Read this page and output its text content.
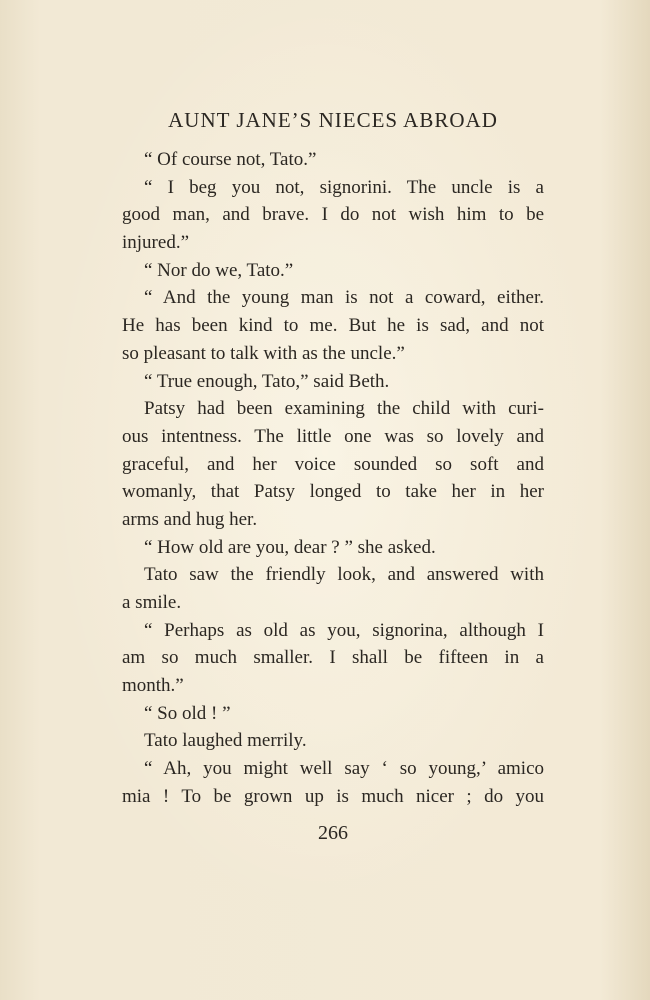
AUNT JANE’S NIECES ABROAD
“ Of course not, Tato.”
“ I beg you not, signorini. The uncle is a
good man, and brave. I do not wish him to be
injured.”
“ Nor do we, Tato.”
“ And the young man is not a coward, either.
He has been kind to me. But he is sad, and not
so pleasant to talk with as the uncle.”
“ True enough, Tato,” said Beth.
Patsy had been examining the child with curi-
ous intentness. The little one was so lovely and
graceful, and her voice sounded so soft and
womanly, that Patsy longed to take her in her
arms and hug her.
“ How old are you, dear ? ” she asked.
Tato saw the friendly look, and answered with
a smile.
“ Perhaps as old as you, signorina, although I
am so much smaller. I shall be fifteen in a
month.”
“ So old ! ”
Tato laughed merrily.
“ Ah, you might well say ‘ so young,’ amico
mia ! To be grown up is much nicer ; do you
266
